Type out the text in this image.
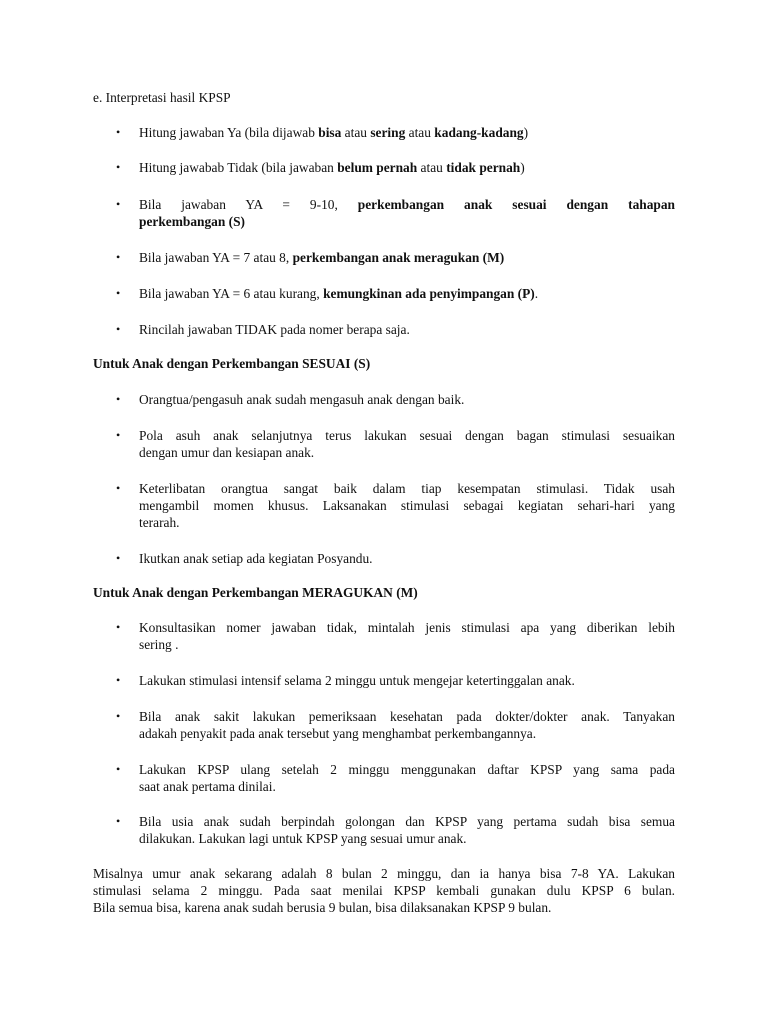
e. Interpretasi hasil KPSP
• Hitung jawaban Ya (bila dijawab bisa atau sering atau kadang-kadang)
• Hitung jawabab Tidak (bila jawaban belum pernah atau tidak pernah)
• Bila jawaban YA = 9-10, perkembangan anak sesuai dengan tahapan
perkembangan (S)
• Bila jawaban YA = 7 atau 8, perkembangan anak meragukan (M)
• Bila jawaban YA = 6 atau kurang, kemungkinan ada penyimpangan (P).
• Rincilah jawaban TIDAK pada nomer berapa saja.
Untuk Anak dengan Perkembangan SESUAI (S)
• Orangtua/pengasuh anak sudah mengasuh anak dengan baik.
• Pola asuh anak selanjutnya terus lakukan sesuai dengan bagan stimulasi sesuaikan
dengan umur dan kesiapan anak.
• Keterlibatan orangtua sangat baik dalam tiap kesempatan stimulasi. Tidak usah
mengambil momen khusus. Laksanakan stimulasi sebagai kegiatan sehari-hari yang
terarah.
• Ikutkan anak setiap ada kegiatan Posyandu.
Untuk Anak dengan Perkembangan MERAGUKAN (M)
• Konsultasikan nomer jawaban tidak, mintalah jenis stimulasi apa yang diberikan lebih
sering .
• Lakukan stimulasi intensif selama 2 minggu untuk mengejar ketertinggalan anak.
• Bila anak sakit lakukan pemeriksaan kesehatan pada dokter/dokter anak. Tanyakan
adakah penyakit pada anak tersebut yang menghambat perkembangannya.
• Lakukan KPSP ulang setelah 2 minggu menggunakan daftar KPSP yang sama pada
saat anak pertama dinilai.
• Bila usia anak sudah berpindah golongan dan KPSP yang pertama sudah bisa semua
dilakukan. Lakukan lagi untuk KPSP yang sesuai umur anak.
Misalnya umur anak sekarang adalah 8 bulan 2 minggu, dan ia hanya bisa 7-8 YA. Lakukan
stimulasi selama 2 minggu. Pada saat menilai KPSP kembali gunakan dulu KPSP 6 bulan.
Bila semua bisa, karena anak sudah berusia 9 bulan, bisa dilaksanakan KPSP 9 bulan.
